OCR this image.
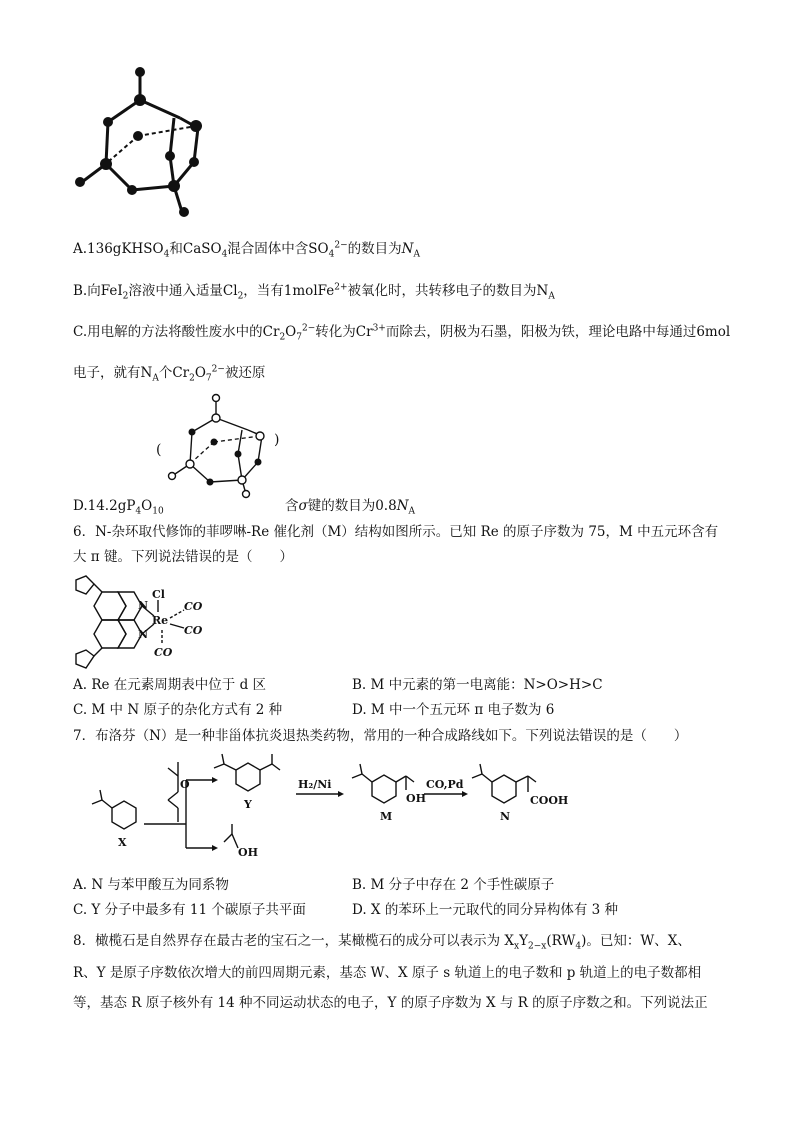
A.136gKHSO$_4$和CaSO$_4$混合固体中含$SO_4^{2-}$的数目为$N_A$
B.向FeI$_2$溶液中通入适量$Cl_2$，当有1molFe$^{2+}$被氧化时，共转移电子的数目为$N_A$
C.用电解的方法将酸性废水中的$Cr_2O_7^{2-}$转化为$Cr^{3+}$而除去，阴极为石墨，阳极为铁，理论电路中每通过6mol
电子，就有$N_A$个$Cr_2O_7^{2-}$被还原
(
)
$D.14.2gP_4O_{10}$	含σ键的数目为$0.8N_A$
6．N-杂环取代修饰的菲啰啉-Re 催化剂（M）结构如图所示。已知 Re 的原子序数为 75，M 中五元环含有
大 π 键。下列说法错误的是（　　）
N
N
Re
Cl
CO
CO
CO
A. Re 在元素周期表中位于 d 区	B. M 中元素的第一电离能：N>O>H>C
C. M 中 N 原子的杂化方式有 2 种	D. M 中一个五元环 π 电子数为 6
7．布洛芬（N）是一种非甾体抗炎退热类药物，常用的一种合成路线如下。下列说法错误的是（　　）
X
O
OH
Y
H₂/Ni
OH
M
CO,Pd
COOH
N
A. N 与苯甲酸互为同系物	B. M 分子中存在 2 个手性碳原子
C. Y 分子中最多有 11 个碳原子共平面	D. X 的苯环上一元取代的同分异构体有 3 种
8．橄榄石是自然界存在最古老的宝石之一，某橄榄石的成分可以表示为 $X_xY_{2-x}(RW_4)$。已知：W、X、
R、Y 是原子序数依次增大的前四周期元素，基态 W、X 原子 s 轨道上的电子数和 p 轨道上的电子数都相
等，基态 R 原子核外有 14 种不同运动状态的电子，Y 的原子序数为 X 与 R 的原子序数之和。下列说法正
